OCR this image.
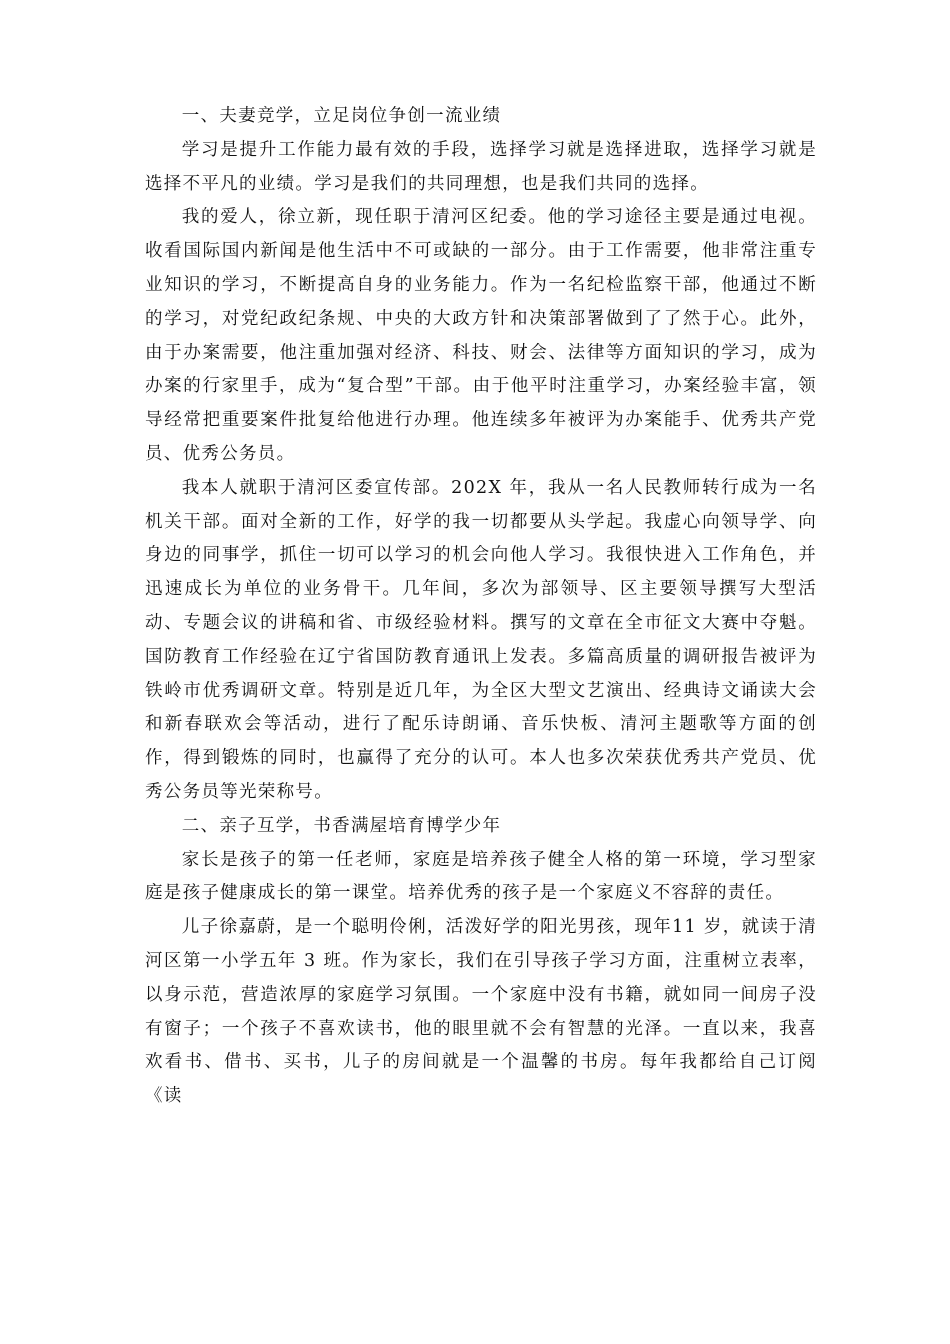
一、夫妻竞学，立足岗位争创一流业绩

学习是提升工作能力最有效的手段，选择学习就是选择进取，选择学习就是选择不平凡的业绩。学习是我们的共同理想，也是我们共同的选择。

我的爱人，徐立新，现任职于清河区纪委。他的学习途径主要是通过电视。收看国际国内新闻是他生活中不可或缺的一部分。由于工作需要，他非常注重专业知识的学习，不断提高自身的业务能力。作为一名纪检监察干部，他通过不断的学习，对党纪政纪条规、中央的大政方针和决策部署做到了了然于心。此外，由于办案需要，他注重加强对经济、科技、财会、法律等方面知识的学习，成为办案的行家里手，成为“复合型”干部。由于他平时注重学习，办案经验丰富，领导经常把重要案件批复给他进行办理。他连续多年被评为办案能手、优秀共产党员、优秀公务员。

我本人就职于清河区委宣传部。202X 年，我从一名人民教师转行成为一名机关干部。面对全新的工作，好学的我一切都要从头学起。我虚心向领导学、向身边的同事学，抓住一切可以学习的机会向他人学习。我很快进入工作角色，并迅速成长为单位的业务骨干。几年间，多次为部领导、区主要领导撰写大型活动、专题会议的讲稿和省、市级经验材料。撰写的文章在全市征文大赛中夺魁。国防教育工作经验在辽宁省国防教育通讯上发表。多篇高质量的调研报告被评为铁岭市优秀调研文章。特别是近几年，为全区大型文艺演出、经典诗文诵读大会和新春联欢会等活动，进行了配乐诗朗诵、音乐快板、清河主题歌等方面的创作，得到锻炼的同时，也赢得了充分的认可。本人也多次荣获优秀共产党员、优秀公务员等光荣称号。

二、亲子互学，书香满屋培育博学少年

家长是孩子的第一任老师，家庭是培养孩子健全人格的第一环境，学习型家庭是孩子健康成长的第一课堂。培养优秀的孩子是一个家庭义不容辞的责任。

儿子徐嘉蔚，是一个聪明伶俐，活泼好学的阳光男孩，现年11 岁，就读于清河区第一小学五年 3 班。作为家长，我们在引导孩子学习方面，注重树立表率，以身示范，营造浓厚的家庭学习氛围。一个家庭中没有书籍，就如同一间房子没有窗子；一个孩子不喜欢读书，他的眼里就不会有智慧的光泽。一直以来，我喜欢看书、借书、买书，儿子的房间就是一个温馨的书房。每年我都给自己订阅《读
